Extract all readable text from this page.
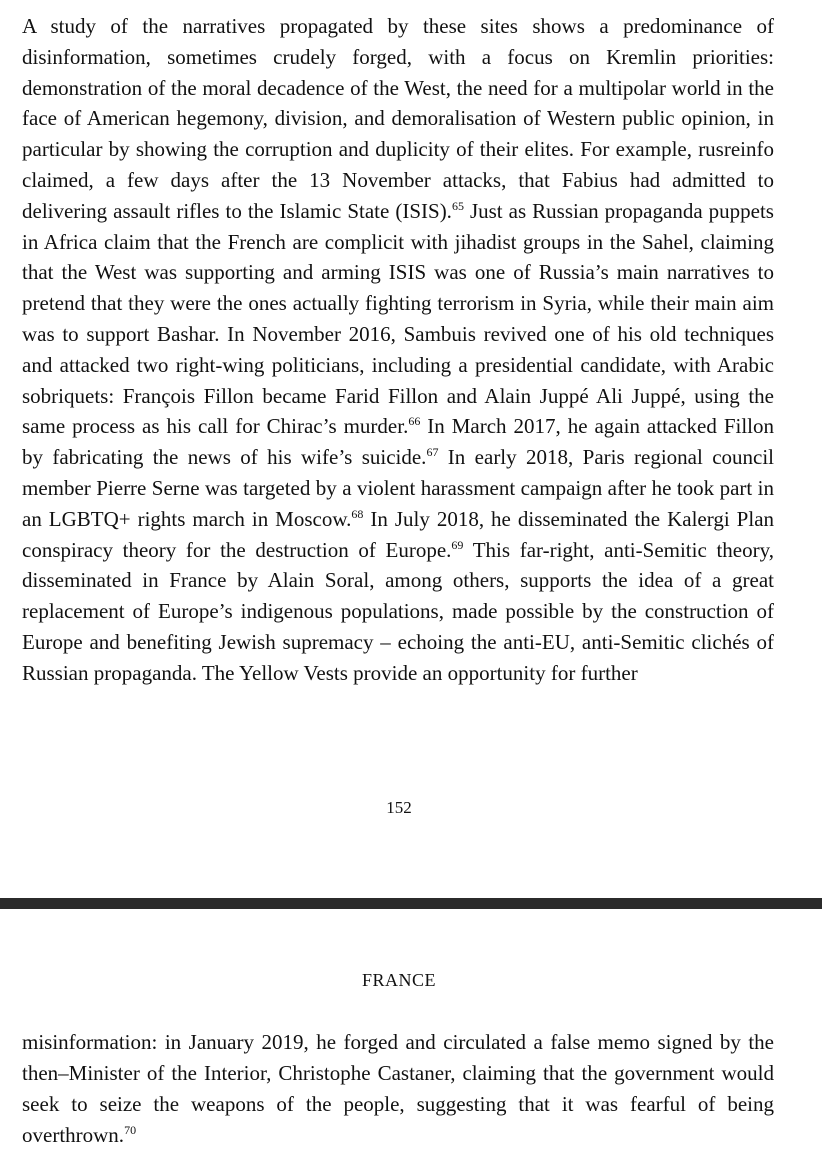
A study of the narratives propagated by these sites shows a predominance of disinformation, sometimes crudely forged, with a focus on Kremlin priorities: demonstration of the moral decadence of the West, the need for a multipolar world in the face of American hegemony, division, and demoralisation of Western public opinion, in particular by showing the corruption and duplicity of their elites. For example, rusreinfo claimed, a few days after the 13 November attacks, that Fabius had admitted to delivering assault rifles to the Islamic State (ISIS).$^{65}$ Just as Russian propaganda puppets in Africa claim that the French are complicit with jihadist groups in the Sahel, claiming that the West was supporting and arming ISIS was one of Russia’s main narratives to pretend that they were the ones actually fighting terrorism in Syria, while their main aim was to support Bashar. In November 2016, Sambuis revived one of his old techniques and attacked two right-wing politicians, including a presidential candidate, with Arabic sobriquets: François Fillon became Farid Fillon and Alain Juppé Ali Juppé, using the same process as his call for Chirac’s murder.$^{66}$ In March 2017, he again attacked Fillon by fabricating the news of his wife’s suicide.$^{67}$ In early 2018, Paris regional council member Pierre Serne was targeted by a violent harassment campaign after he took part in an LGBTQ+ rights march in Moscow.$^{68}$ In July 2018, he disseminated the Kalergi Plan conspiracy theory for the destruction of Europe.$^{69}$ This far-right, anti-Semitic theory, disseminated in France by Alain Soral, among others, supports the idea of a great replacement of Europe’s indigenous populations, made possible by the construction of Europe and benefiting Jewish supremacy – echoing the anti-EU, anti-Semitic clichés of Russian propaganda. The Yellow Vests provide an opportunity for further

152
FRANCE

misinformation: in January 2019, he forged and circulated a false memo signed by the then–Minister of the Interior, Christophe Castaner, claiming that the government would seek to seize the weapons of the people, suggesting that it was fearful of being overthrown.$^{70}$
